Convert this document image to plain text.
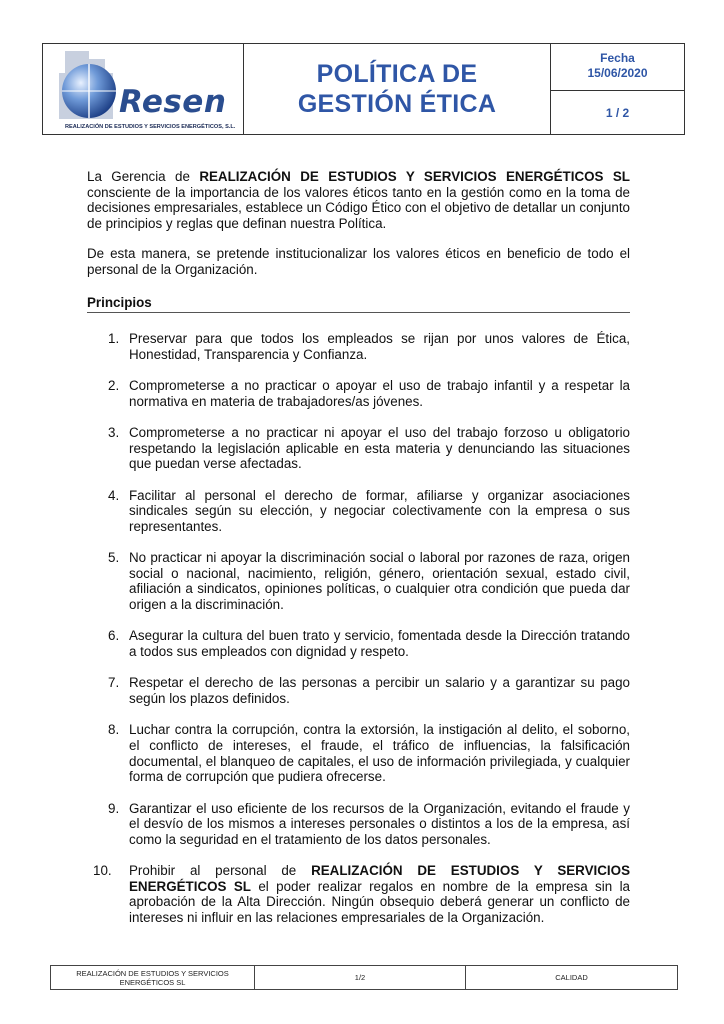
Resen
REALIZACIÓN DE ESTUDIOS Y SERVICIOS ENERGÉTICOS, S.L.
POLÍTICA DE
GESTIÓN ÉTICA
Fecha
15/06/2020
1 / 2

La Gerencia de REALIZACIÓN DE ESTUDIOS Y SERVICIOS ENERGÉTICOS SL consciente de la importancia de los valores éticos tanto en la gestión como en la toma de decisiones empresariales, establece un Código Ético con el objetivo de detallar un conjunto de principios y reglas que definan nuestra Política.

De esta manera, se pretende institucionalizar los valores éticos en beneficio de todo el personal de la Organización.

Principios
1. Preservar para que todos los empleados se rijan por unos valores de Ética, Honestidad, Transparencia y Confianza.
2. Comprometerse a no practicar o apoyar el uso de trabajo infantil y a respetar la normativa en materia de trabajadores/as jóvenes.
3. Comprometerse a no practicar ni apoyar el uso del trabajo forzoso u obligatorio respetando la legislación aplicable en esta materia y denunciando las situaciones que puedan verse afectadas.
4. Facilitar al personal el derecho de formar, afiliarse y organizar asociaciones sindicales según su elección, y negociar colectivamente con la empresa o sus representantes.
5. No practicar ni apoyar la discriminación social o laboral por razones de raza, origen social o nacional, nacimiento, religión, género, orientación sexual, estado civil, afiliación a sindicatos, opiniones políticas, o cualquier otra condición que pueda dar origen a la discriminación.
6. Asegurar la cultura del buen trato y servicio, fomentada desde la Dirección tratando a todos sus empleados con dignidad y respeto.
7. Respetar el derecho de las personas a percibir un salario y a garantizar su pago según los plazos definidos.
8. Luchar contra la corrupción, contra la extorsión, la instigación al delito, el soborno, el conflicto de intereses, el fraude, el tráfico de influencias, la falsificación documental, el blanqueo de capitales, el uso de información privilegiada, y cualquier forma de corrupción que pudiera ofrecerse.
9. Garantizar el uso eficiente de los recursos de la Organización, evitando el fraude y el desvío de los mismos a intereses personales o distintos a los de la empresa, así como la seguridad en el tratamiento de los datos personales.
10. Prohibir al personal de REALIZACIÓN DE ESTUDIOS Y SERVICIOS ENERGÉTICOS SL el poder realizar regalos en nombre de la empresa sin la aprobación de la Alta Dirección. Ningún obsequio deberá generar un conflicto de intereses ni influir en las relaciones empresariales de la Organización.
REALIZACIÓN DE ESTUDIOS Y SERVICIOS ENERGÉTICOS SL	1/2	CALIDAD
